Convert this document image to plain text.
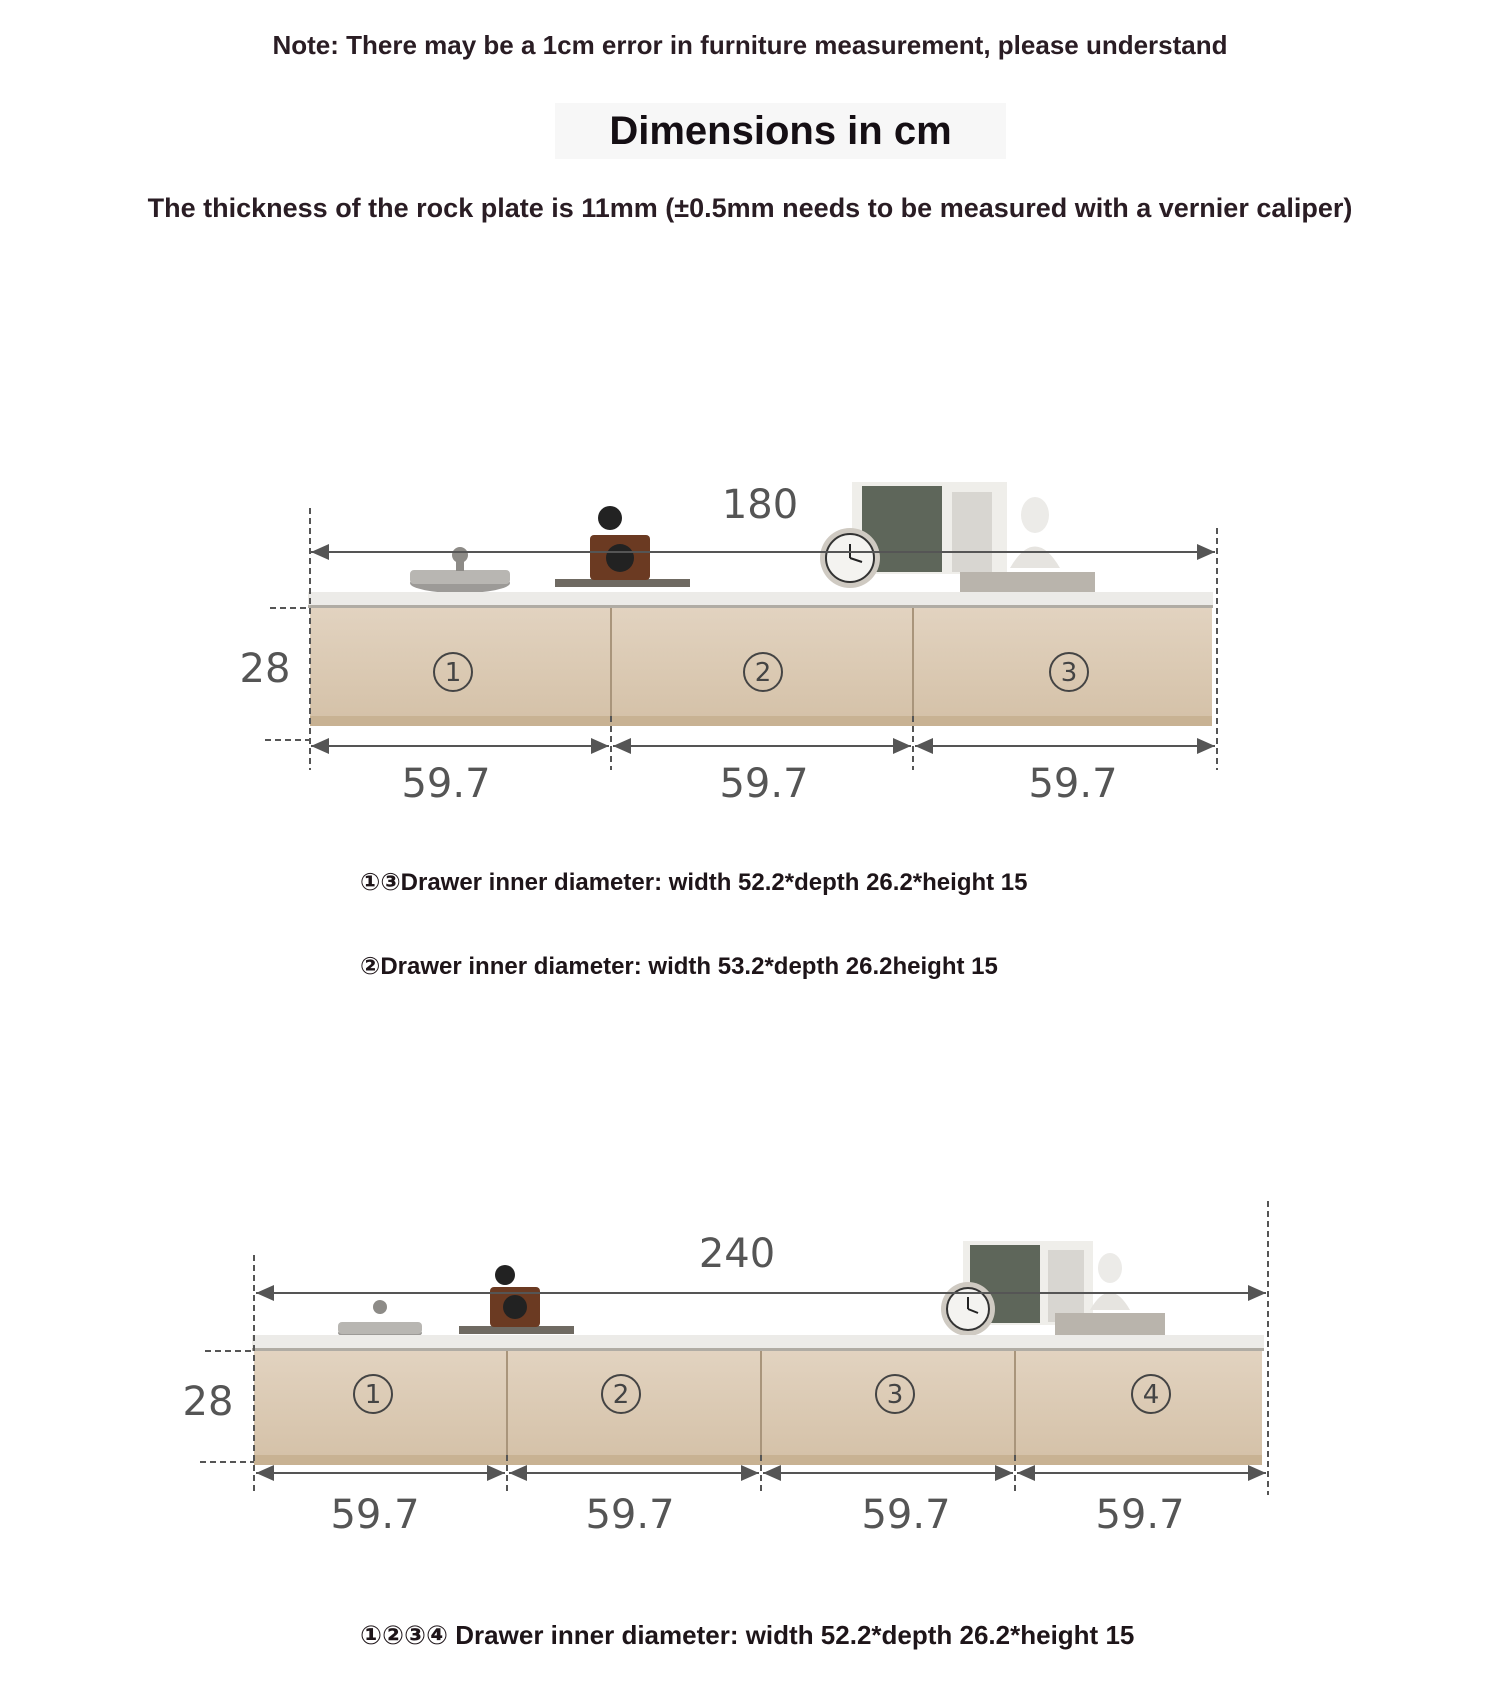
Note: There may be a 1cm error in furniture measurement, please understand
Dimensions in cm
The thickness of the rock plate is 11mm (±0.5mm needs to be measured with a vernier caliper)
1	2	3
180
28
59.7	59.7	59.7
①③Drawer inner diameter: width 52.2*depth 26.2*height 15
②Drawer inner diameter: width 53.2*depth 26.2height 15
1	2	3	4
240
28
59.7	59.7	59.7	59.7
①②③④ Drawer inner diameter: width 52.2*depth 26.2*height 15
